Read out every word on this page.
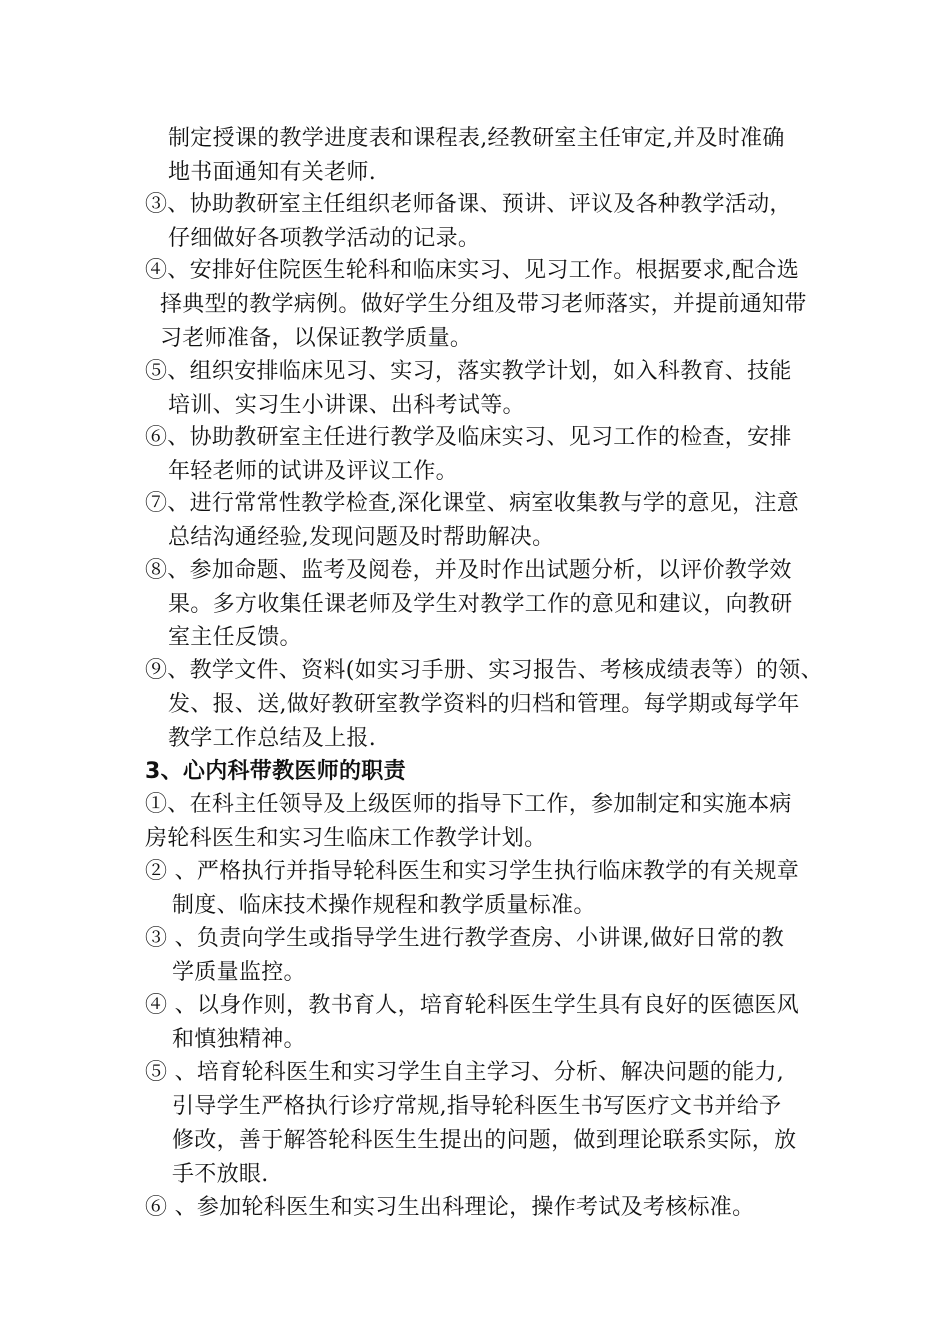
制定授课的教学进度表和课程表,经教研室主任审定,并及时准确
地书面通知有关老师.
③、协助教研室主任组织老师备课、预讲、评议及各种教学活动，
仔细做好各项教学活动的记录。
④、安排好住院医生轮科和临床实习、见习工作。根据要求,配合选
择典型的教学病例。做好学生分组及带习老师落实，并提前通知带
习老师准备，以保证教学质量。
⑤、组织安排临床见习、实习，落实教学计划，如入科教育、技能
培训、实习生小讲课、出科考试等。
⑥、协助教研室主任进行教学及临床实习、见习工作的检查，安排
年轻老师的试讲及评议工作。
⑦、进行常常性教学检查,深化课堂、病室收集教与学的意见，注意
总结沟通经验,发现问题及时帮助解决。
⑧、参加命题、监考及阅卷，并及时作出试题分析，以评价教学效
果。多方收集任课老师及学生对教学工作的意见和建议，向教研
室主任反馈。
⑨、教学文件、资料(如实习手册、实习报告、考核成绩表等）的领、
发、报、送,做好教研室教学资料的归档和管理。每学期或每学年
教学工作总结及上报.
3、心内科带教医师的职责
①、在科主任领导及上级医师的指导下工作，参加制定和实施本病
房轮科医生和实习生临床工作教学计划。
② 、严格执行并指导轮科医生和实习学生执行临床教学的有关规章
制度、临床技术操作规程和教学质量标准。
③ 、负责向学生或指导学生进行教学查房、小讲课,做好日常的教
学质量监控。
④ 、以身作则，教书育人，培育轮科医生学生具有良好的医德医风
和慎独精神。
⑤ 、培育轮科医生和实习学生自主学习、分析、解决问题的能力,
引导学生严格执行诊疗常规,指导轮科医生书写医疗文书并给予
修改，善于解答轮科医生生提出的问题，做到理论联系实际，放
手不放眼.
⑥ 、参加轮科医生和实习生出科理论，操作考试及考核标准。
